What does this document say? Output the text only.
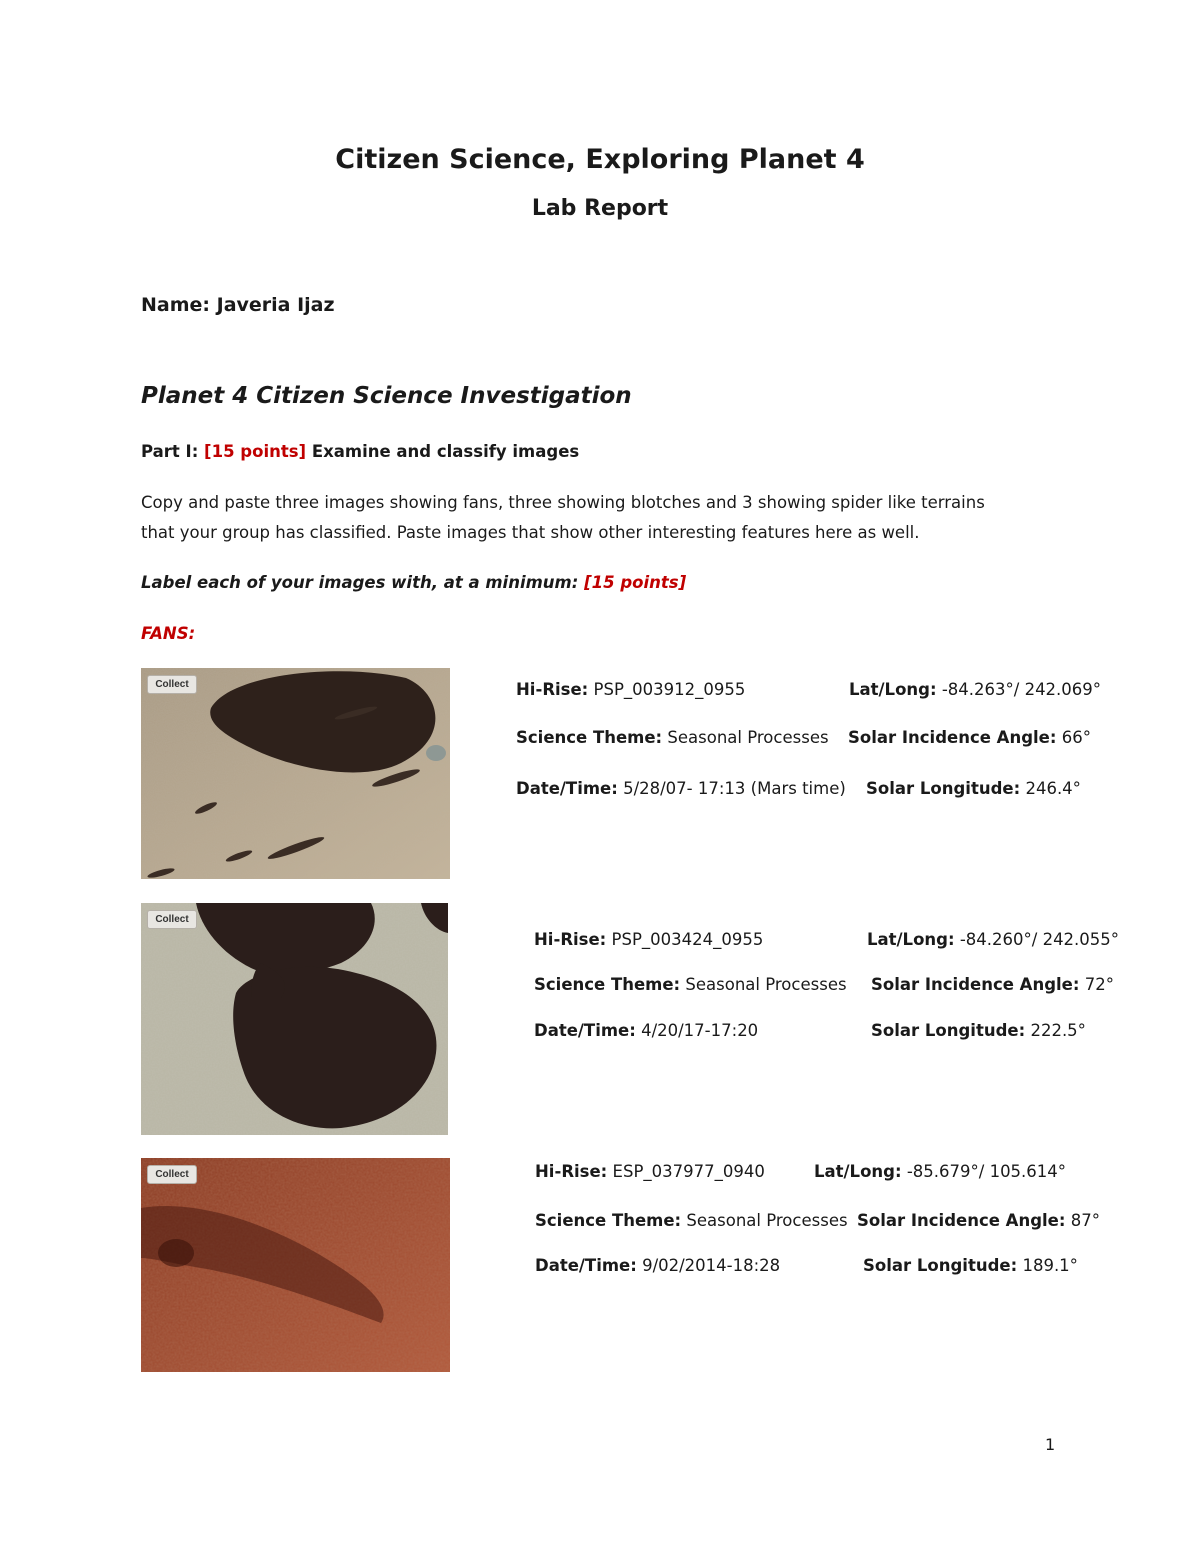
Citizen Science, Exploring Planet 4
Lab Report
Name: Javeria Ijaz
Planet 4 Citizen Science Investigation
Part I: [15 points] Examine and classify images
Copy and paste three images showing fans, three showing blotches and 3 showing spider like terrains
that your group has classified. Paste images that show other interesting features here as well.
Label each of your images with, at a minimum: [15 points]
FANS:
Collect	Hi-Rise: PSP_003912_0955	Lat/Long: -84.263°/ 242.069°
Science Theme: Seasonal Processes Solar Incidence Angle: 66°
Date/Time: 5/28/07- 17:13 (Mars time) Solar Longitude: 246.4°
Collect
Hi-Rise: PSP_003424_0955	Lat/Long: -84.260°/ 242.055°
Science Theme: Seasonal Processes Solar Incidence Angle: 72°
Date/Time: 4/20/17-17:20	Solar Longitude: 222.5°
Collect	Hi-Rise: ESP_037977_0940	Lat/Long: -85.679°/ 105.614°
Science Theme: Seasonal Processes Solar Incidence Angle: 87°
Date/Time: 9/02/2014-18:28	Solar Longitude: 189.1°
1
